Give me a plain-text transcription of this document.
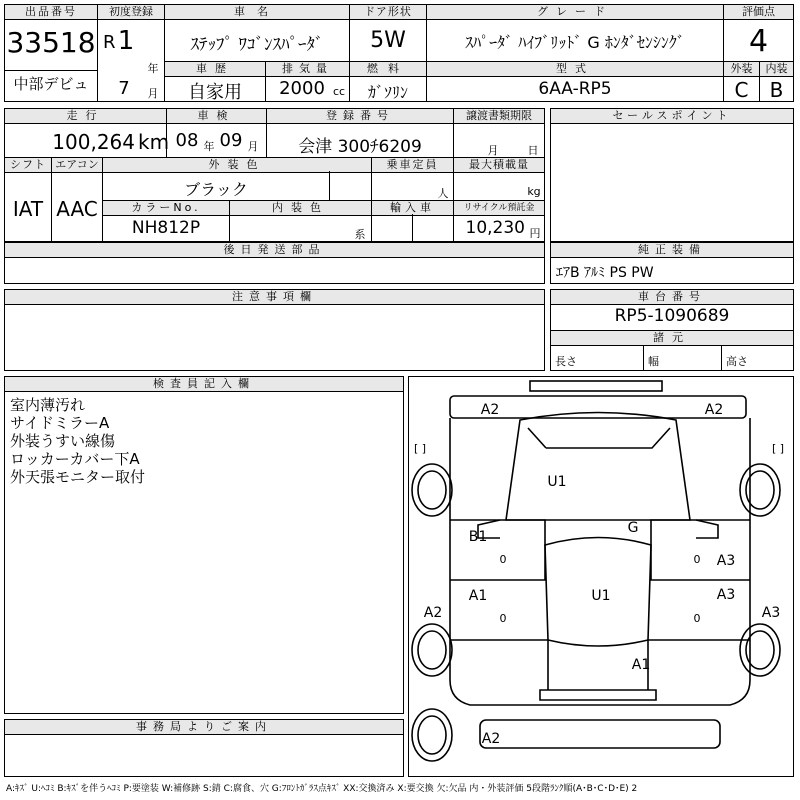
出品番号
33518
中部デビュ
初度登録
R 1
年
7	月
車名
ｽﾃｯﾌﾟ ﾜｺﾞﾝｽﾊﾟｰﾀﾞ
ドア形状
5W
グレード
ｽﾊﾟｰﾀﾞ ﾊｲﾌﾞﾘｯﾄﾞ G ﾎﾝﾀﾞｾﾝｼﾝｸﾞ
評価点
4
車歴
自家用
排気量
2000 cc
燃料
ｶﾞｿﾘﾝ
型式
6AA-RP5
外装
C
内装
B
走行
100,264 km
車検
08 年 09 月
登録番号
会津 300ﾁ6209
譲渡書類期限
月	日
シフト
IAT
エアコン
AAC
外装色
ブラック
乗車定員
人
最大積載量
kg
カラーNo.
NH812P
内装色
系
輸入車	リサイクル預託金
10,230 円
セールスポイント
後日発送部品	純正装備
ｴｱB ｱﾙﾐ PS PW
注意事項欄	車台番号
RP5-1090689
諸元
長さ	幅	高さ
検査員記入欄
室内薄汚れ
サイドミラーA
外装うすい線傷
ロッカーカバー下A
外天張モニター取付
事務局よりご案内
A2	A2
U1
G
B1
A1	U1
A3
A3
A2	A3
A1
A2
0
0
0
0
[ ]	[ ]
A:ｷｽﾞ U:ﾍｺﾐ B:ｷｽﾞを伴うﾍｺﾐ P:要塗装 W:補修跡 S:錆 C:腐食、穴 G:ﾌﾛﾝﾄｶﾞﾗｽ点ｷｽﾞ XX:交換済み X:要交換 欠:欠品 内・外装評価 5段階ﾗﾝｸ順(A･B･C･D･E) 2
